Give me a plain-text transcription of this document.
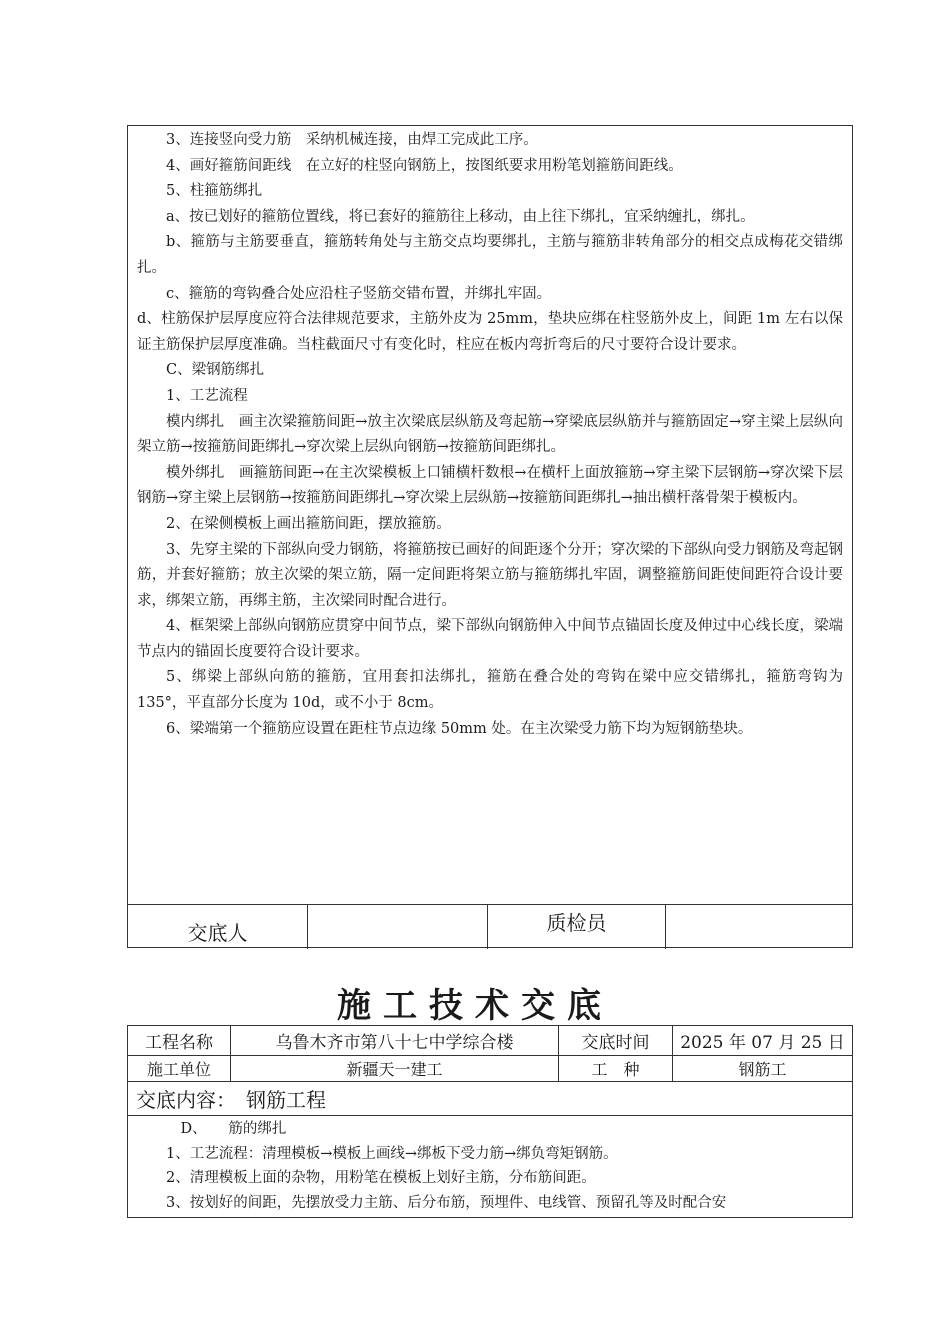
3、连接竖向受力筋　采纳机械连接，由焊工完成此工序。

4、画好箍筋间距线　在立好的柱竖向钢筋上，按图纸要求用粉笔划箍筋间距线。

5、柱箍筋绑扎

a、按已划好的箍筋位置线，将已套好的箍筋往上移动，由上往下绑扎，宜采纳缠扎，绑扎。

b、箍筋与主筋要垂直，箍筋转角处与主筋交点均要绑扎，主筋与箍筋非转角部分的相交点成梅花交错绑扎。

c、箍筋的弯钩叠合处应沿柱子竖筋交错布置，并绑扎牢固。

d、柱筋保护层厚度应符合法律规范要求，主筋外皮为 25mm，垫块应绑在柱竖筋外皮上，间距 1m 左右以保证主筋保护层厚度准确。当柱截面尺寸有变化时，柱应在板内弯折弯后的尺寸要符合设计要求。

C、梁钢筋绑扎

1、工艺流程

模内绑扎　画主次梁箍筋间距→放主次梁底层纵筋及弯起筋→穿梁底层纵筋并与箍筋固定→穿主梁上层纵向架立筋→按箍筋间距绑扎→穿次梁上层纵向钢筋→按箍筋间距绑扎。

模外绑扎　画箍筋间距→在主次梁模板上口铺横杆数根→在横杆上面放箍筋→穿主梁下层钢筋→穿次梁下层钢筋→穿主梁上层钢筋→按箍筋间距绑扎→穿次梁上层纵筋→按箍筋间距绑扎→抽出横杆落骨架于模板内。

2、在梁侧模板上画出箍筋间距，摆放箍筋。

3、先穿主梁的下部纵向受力钢筋，将箍筋按已画好的间距逐个分开；穿次梁的下部纵向受力钢筋及弯起钢筋，并套好箍筋；放主次梁的架立筋，隔一定间距将架立筋与箍筋绑扎牢固，调整箍筋间距使间距符合设计要求，绑架立筋，再绑主筋，主次梁同时配合进行。

4、框架梁上部纵向钢筋应贯穿中间节点，梁下部纵向钢筋伸入中间节点锚固长度及伸过中心线长度，梁端节点内的锚固长度要符合设计要求。

5、绑梁上部纵向筋的箍筋，宜用套扣法绑扎，箍筋在叠合处的弯钩在梁中应交错绑扎，箍筋弯钩为 135°，平直部分长度为 10d，或不小于 8cm。

6、梁端第一个箍筋应设置在距柱节点边缘 50mm 处。在主次梁受力筋下均为短钢筋垫块。

交底人	质检员
施工技术交底
工程名称	乌鲁木齐市第八十七中学综合楼	交底时间	2025 年 07 月 25 日
施工单位	新疆天一建工	工　种	钢筋工
交底内容：　钢筋工程

D、　　筋的绑扎

1、工艺流程：清理模板→模板上画线→绑板下受力筋→绑负弯矩钢筋。

2、清理模板上面的杂物，用粉笔在模板上划好主筋，分布筋间距。

3、按划好的间距，先摆放受力主筋、后分布筋，预埋件、电线管、预留孔等及时配合安
